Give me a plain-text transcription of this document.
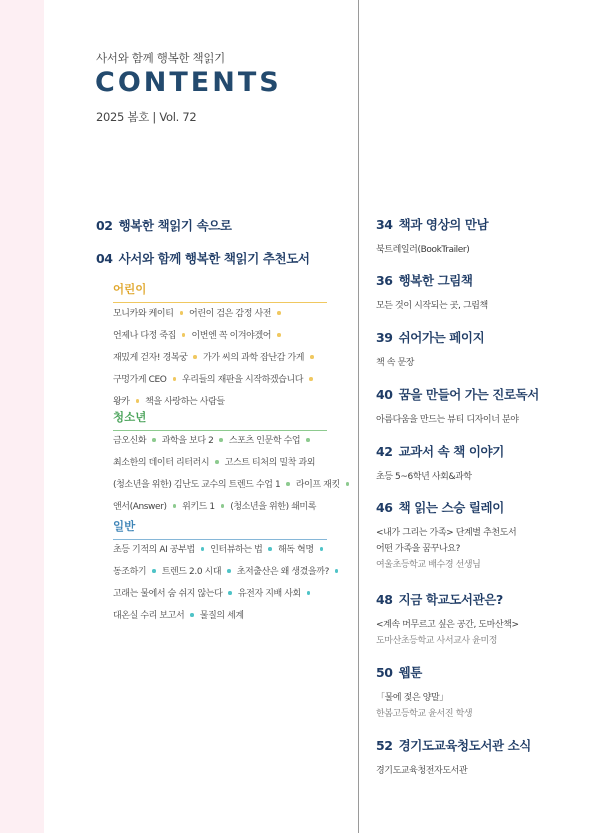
사서와 함께 행복한 책읽기
CONTENTS
2025 봄호 | Vol. 72
02 행복한 책읽기 속으로
04 사서와 함께 행복한 책읽기 추천도서
어린이
모니카와 케이티 어린이 검은 감정 사전
언제나 다정 죽집 이번엔 꼭 이겨야겠어
재밌게 걷자! 경복궁 가가 씨의 과학 잡난감 가게
구멍가게 CEO 우리들의 재판을 시작하겠습니다
왕카 책을 사랑하는 사람들
청소년
금오신화 과학을 보다 2 스포츠 인문학 수업
최소한의 데이터 리터러시 고스트 티처의 밀착 과외
(청소년을 위한) 김난도 교수의 트렌드 수업 1 라이프 재킷
앤서(Answer) 위키드 1 (청소년을 위한) 쇄미록
일반
초등 기적의 AI 공부법 인터뷰하는 법 해독 혁명
동조하기 트렌드 2.0 시대 초저출산은 왜 생겼을까?
고래는 물에서 숨 쉬지 않는다 유전자 지배 사회
대온실 수리 보고서 물질의 세계
34 책과 영상의 만남
북트레일러(BookTrailer)
36 행복한 그림책
모든 것이 시작되는 곳, 그림책
39 쉬어가는 페이지
책 속 문장
40 꿈을 만들어 가는 진로독서
아름다움을 만드는 뷰티 디자이너 분야
42 교과서 속 책 이야기
초등 5~6학년 사회&과학
46 책 읽는 스승 릴레이
<내가 그리는 가족> 단계별 추천도서
어떤 가족을 꿈꾸나요?
여울초등학교 배수경 선생님
48 지금 학교도서관은?
<계속 머무르고 싶은 공간, 도마산책>
도마산초등학교 사서교사 윤미정
50 웹툰
「물에 젖은 양말」
한봄고등학교 윤서진 학생
52 경기도교육청도서관 소식
경기도교육청전자도서관
